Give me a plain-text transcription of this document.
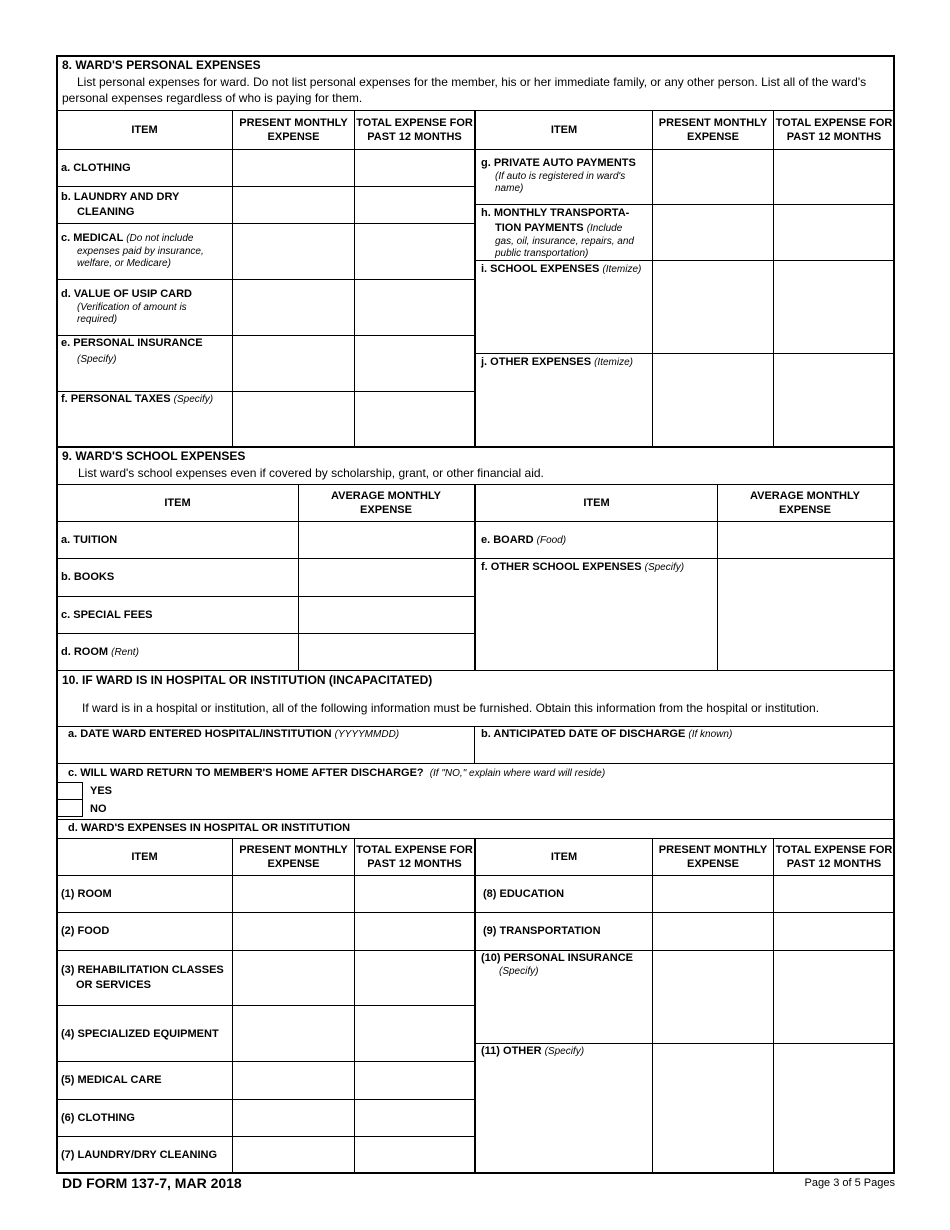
8. WARD'S PERSONAL EXPENSES
List personal expenses for ward. Do not list personal expenses for the member, his or her immediate family, or any other person. List all of the ward's personal expenses regardless of who is paying for them.
ITEM
PRESENT MONTHLY EXPENSE
TOTAL EXPENSE FOR PAST 12 MONTHS
ITEM
PRESENT MONTHLY EXPENSE
TOTAL EXPENSE FOR PAST 12 MONTHS
a. CLOTHING
b. LAUNDRY AND DRY
CLEANING
c. MEDICAL (Do not include
expenses paid by insurance, welfare, or Medicare)
d. VALUE OF USIP CARD
(Verification of amount is required)
e. PERSONAL INSURANCE
(Specify)
f. PERSONAL TAXES (Specify)
g. PRIVATE AUTO PAYMENTS
(If auto is registered in ward's name)
h. MONTHLY TRANSPORTA-
TION PAYMENTS (Include
gas, oil, insurance, repairs, and public transportation)
i. SCHOOL EXPENSES (Itemize)
j. OTHER EXPENSES (Itemize)
9. WARD'S SCHOOL EXPENSES
List ward's school expenses even if covered by scholarship, grant, or other financial aid.
ITEM
AVERAGE MONTHLY EXPENSE
ITEM
AVERAGE MONTHLY EXPENSE
a. TUITION
b. BOOKS
c. SPECIAL FEES
d. ROOM (Rent)
e. BOARD (Food)
f. OTHER SCHOOL EXPENSES (Specify)
10. IF WARD IS IN HOSPITAL OR INSTITUTION (INCAPACITATED)
If ward is in a hospital or institution, all of the following information must be furnished. Obtain this information from the hospital or institution.
a. DATE WARD ENTERED HOSPITAL/INSTITUTION (YYYYMMDD)	b. ANTICIPATED DATE OF DISCHARGE (If known)
c. WILL WARD RETURN TO MEMBER'S HOME AFTER DISCHARGE? (If "NO," explain where ward will reside)
YES
NO
d. WARD'S EXPENSES IN HOSPITAL OR INSTITUTION
ITEM
PRESENT MONTHLY EXPENSE
TOTAL EXPENSE FOR PAST 12 MONTHS
ITEM
PRESENT MONTHLY EXPENSE
TOTAL EXPENSE FOR PAST 12 MONTHS
(1) ROOM
(2) FOOD
(3) REHABILITATION CLASSES
OR SERVICES
(4) SPECIALIZED EQUIPMENT
(5) MEDICAL CARE
(6) CLOTHING
(7) LAUNDRY/DRY CLEANING
(8) EDUCATION
(9) TRANSPORTATION
(10) PERSONAL INSURANCE
(Specify)
(11) OTHER (Specify)
DD FORM 137-7, MAR 2018	Page 3 of 5 Pages
